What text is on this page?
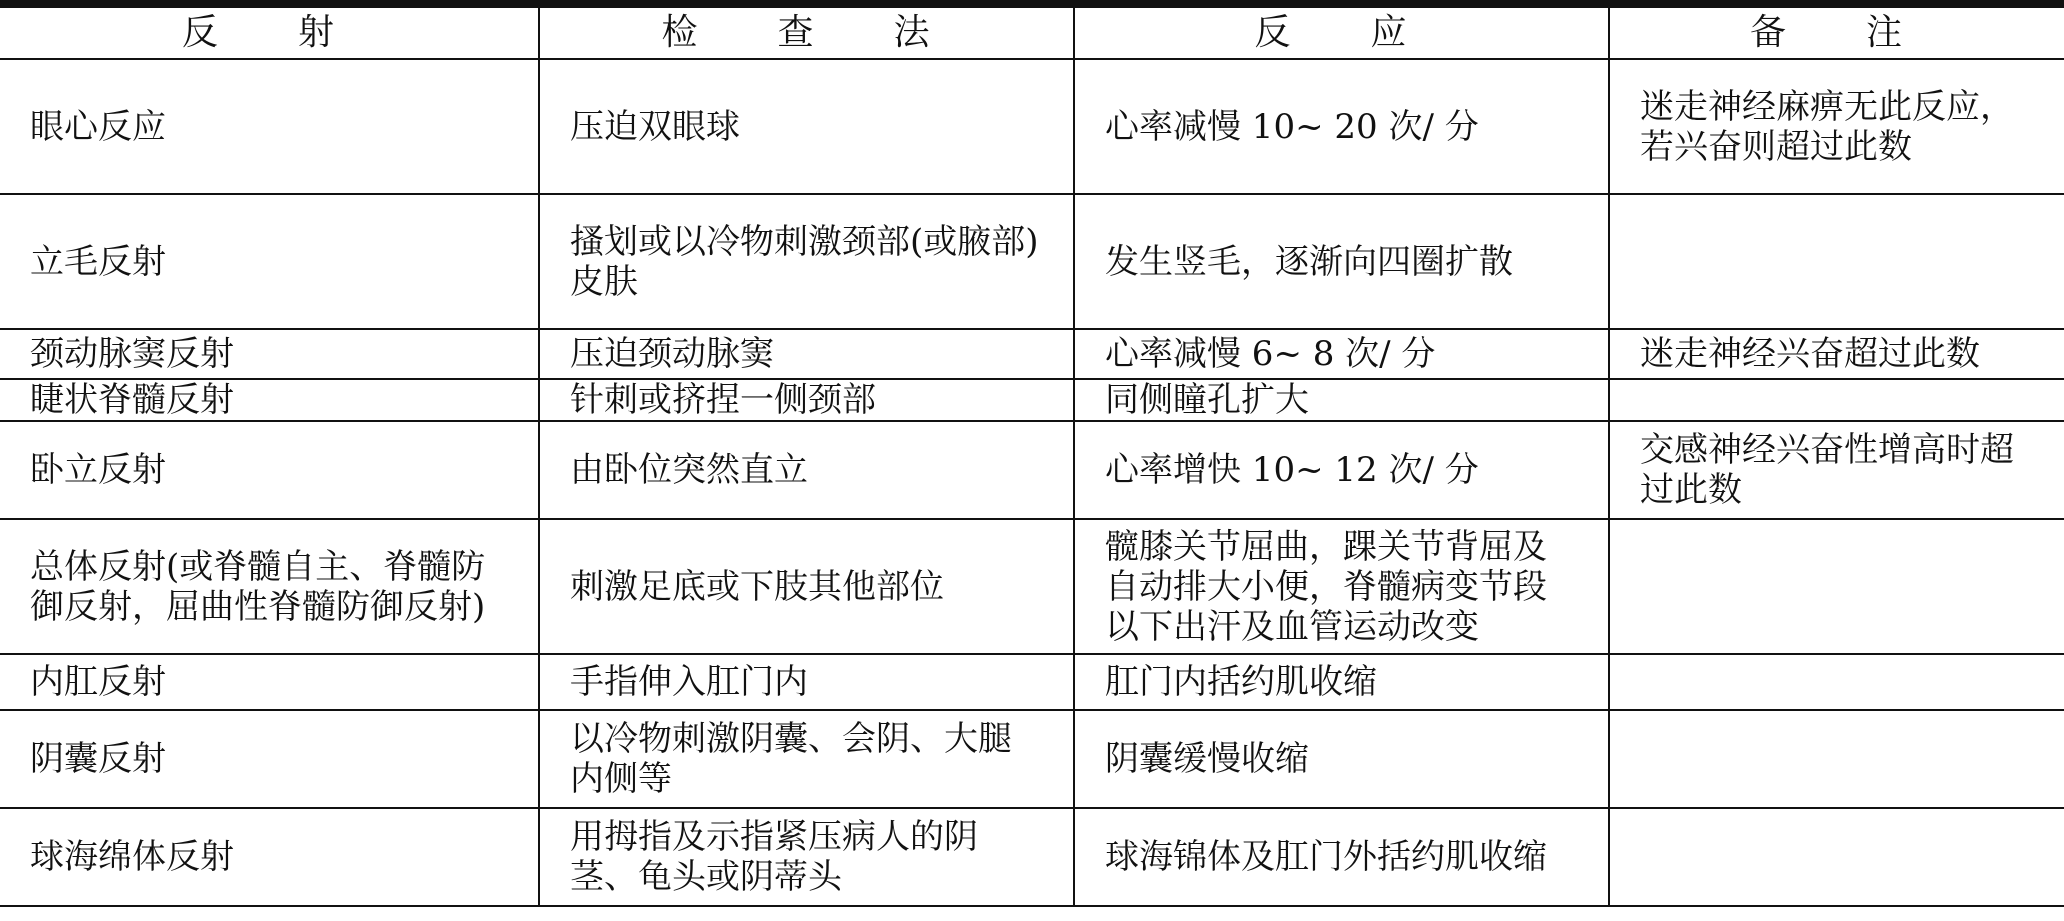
反　射	检　查　法	反　应	备　注
眼心反应	压迫双眼球	心率减慢 10~ 20 次/ 分	迷走神经麻痹无此反应，若兴奋则超过此数
立毛反射	搔划或以冷物刺激颈部(或腋部)皮肤	发生竖毛，逐渐向四圈扩散	
颈动脉窦反射	压迫颈动脉窦	心率减慢 6~ 8 次/ 分	迷走神经兴奋超过此数
睫状脊髓反射	针刺或挤捏一侧颈部	同侧瞳孔扩大	
卧立反射	由卧位突然直立	心率增快 10~ 12 次/ 分	交感神经兴奋性增高时超过此数
总体反射(或脊髓自主、脊髓防御反射，屈曲性脊髓防御反射)	刺激足底或下肢其他部位	髋膝关节屈曲，踝关节背屈及自动排大小便，脊髓病变节段以下出汗及血管运动改变	
内肛反射	手指伸入肛门内	肛门内括约肌收缩	
阴囊反射	以冷物刺激阴囊、会阴、大腿内侧等	阴囊缓慢收缩	
球海绵体反射	用拇指及示指紧压病人的阴茎、龟头或阴蒂头	球海锦体及肛门外括约肌收缩	
